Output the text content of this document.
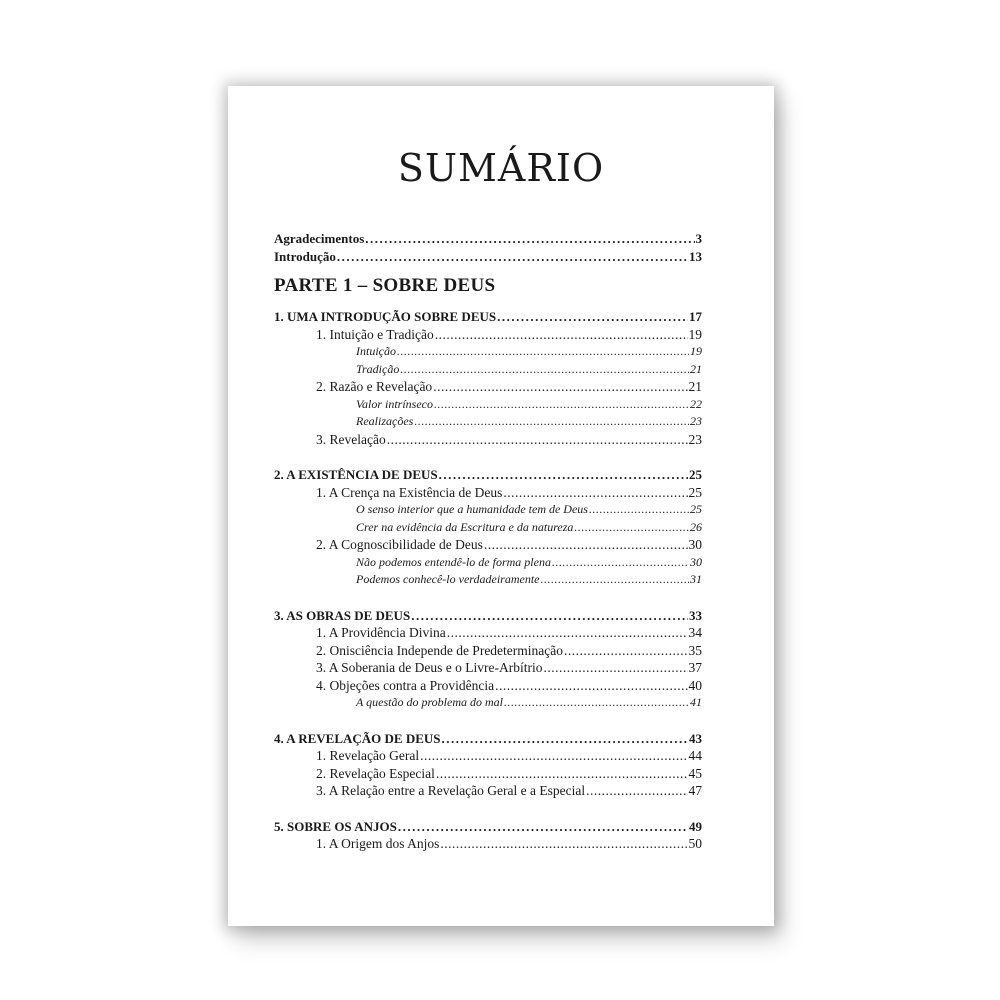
SUMÁRIO
Agradecimentos .....	3
Introdução .....	13
PARTE 1 – SOBRE DEUS
1. UMA INTRODUÇÃO SOBRE DEUS .....	17
1. Intuição e Tradição .....	19
Intuição .....	19
Tradição .....	21
2. Razão e Revelação .....	21
Valor intrínseco .....	22
Realizações .....	23
3. Revelação .....	23
2. A EXISTÊNCIA DE DEUS .....	25
1. A Crença na Existência de Deus .....	25
O senso interior que a humanidade tem de Deus .....	25
Crer na evidência da Escritura e da natureza .....	26
2. A Cognoscibilidade de Deus .....	30
Não podemos entendê-lo de forma plena .....	30
Podemos conhecê-lo verdadeiramente .....	31
3. AS OBRAS DE DEUS .....	33
1. A Providência Divina .....	34
2. Onisciência Independe de Predeterminação .....	35
3. A Soberania de Deus e o Livre-Arbítrio .....	37
4. Objeções contra a Providência .....	40
A questão do problema do mal .....	41
4. A REVELAÇÃO DE DEUS .....	43
1. Revelação Geral .....	44
2. Revelação Especial .....	45
3. A Relação entre a Revelação Geral e a Especial .....	47
5. SOBRE OS ANJOS .....	49
1. A Origem dos Anjos .....	50
